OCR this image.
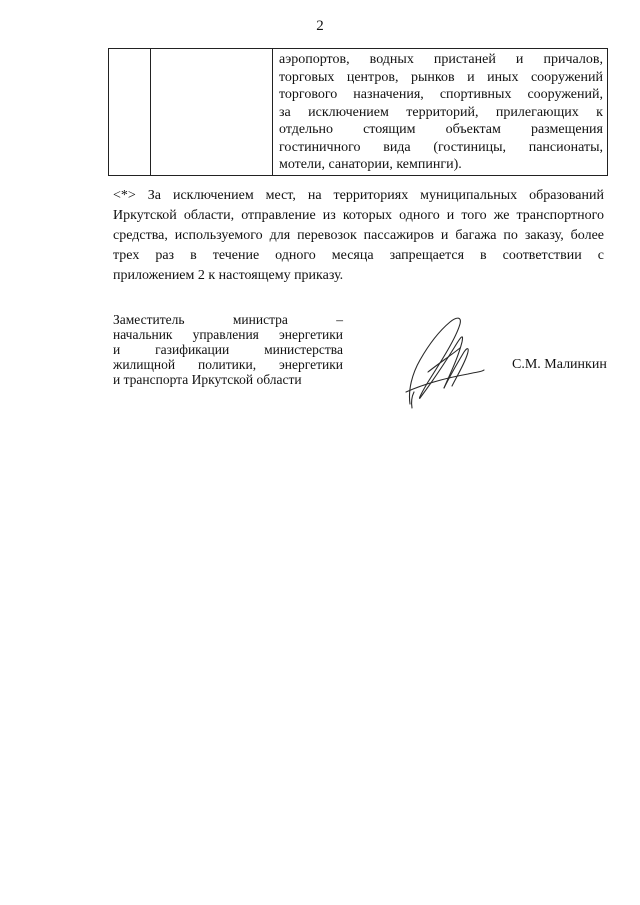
2

аэропортов, водных пристаней и причалов,
торговых центров, рынков и иных сооружений
торгового назначения, спортивных сооружений,
за исключением территорий, прилегающих к
отдельно стоящим объектам размещения
гостиничного вида (гостиницы, пансионаты,
мотели, санатории, кемпинги).
<*> За исключением мест, на территориях муниципальных образований
Иркутской области, отправление из которых одного и того же транспортного
средства, используемого для перевозок пассажиров и багажа по заказу, более
трех раз в течение одного месяца запрещается в соответствии с
приложением 2 к настоящему приказу.
Заместитель министра –
начальник управления энергетики
и газификации министерства
жилищной политики, энергетики
и транспорта Иркутской области
С.М. Малинкин
